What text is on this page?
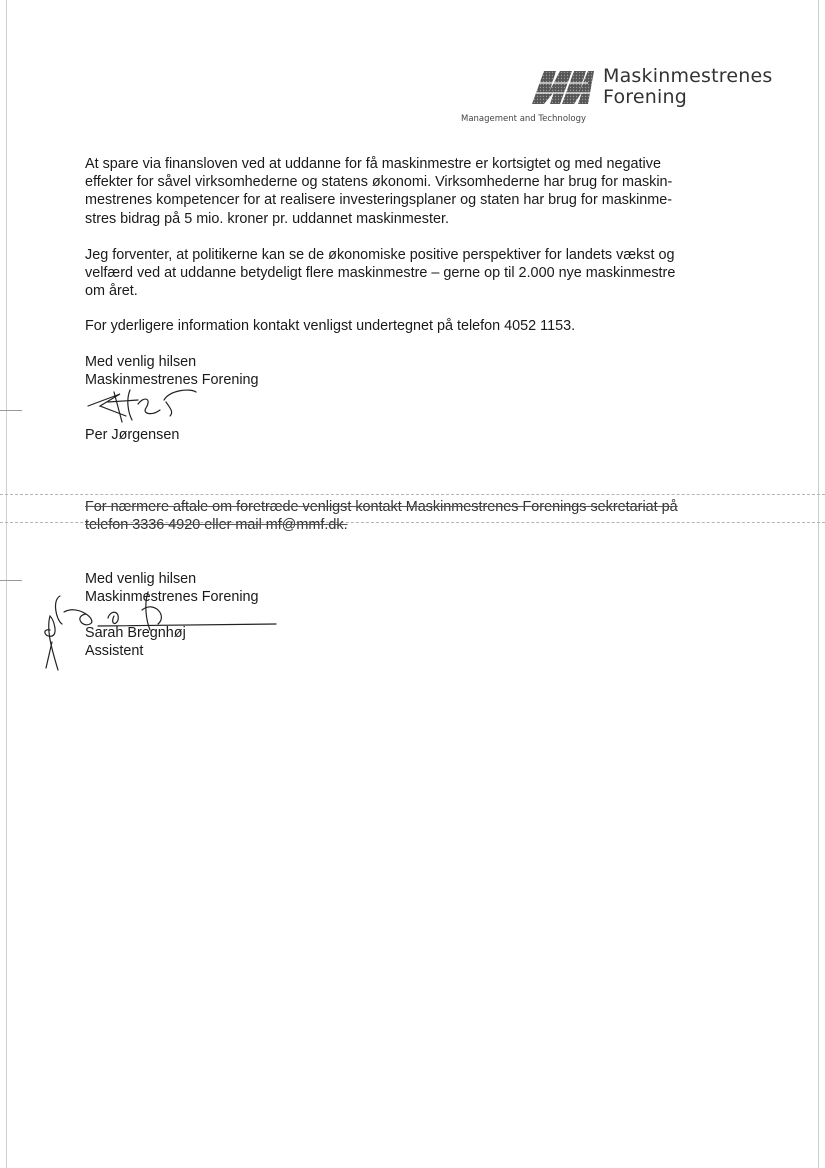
Maskinmestrenes
Forening
Management and Technology

At spare via finansloven ved at uddanne for få maskinmestre er kortsigtet og med negative
effekter for såvel virksomhederne og statens økonomi. Virksomhederne har brug for maskin-
mestrenes kompetencer for at realisere investeringsplaner og staten har brug for maskinme-
stres bidrag på 5 mio. kroner pr. uddannet maskinmester.

Jeg forventer, at politikerne kan se de økonomiske positive perspektiver for landets vækst og
velfærd ved at uddanne betydeligt flere maskinmestre – gerne op til 2.000 nye maskinmestre
om året.

For yderligere information kontakt venligst undertegnet på telefon 4052 1153.

Med venlig hilsen

Maskinmestrenes Forening

Per Jørgensen

For nærmere aftale om foretræde venligst kontakt Maskinmestrenes Forenings sekretariat på
telefon 3336 4920 eller mail mf@mmf.dk.

Med venlig hilsen

Maskinmestrenes Forening

Sarah Bregnhøj

Assistent
